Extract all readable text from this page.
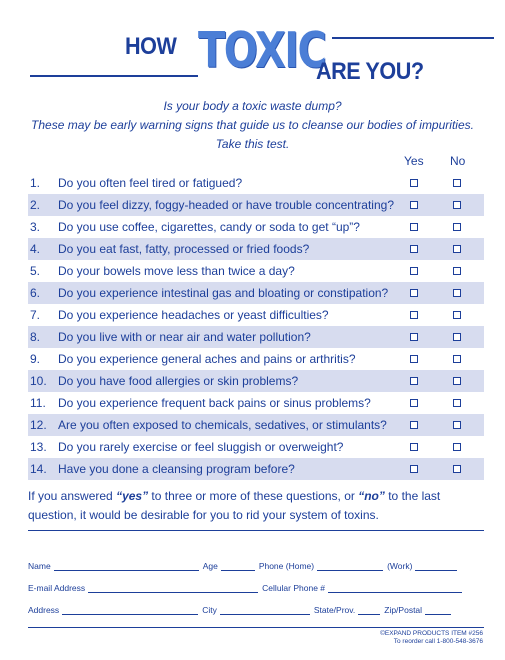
HOW TOXIC
ARE YOU?
Is your body a toxic waste dump?
These may be early warning signs that guide us to cleanse our bodies of impurities.
Take this test.
Yes No
1.	Do you often feel tired or fatigued?
2.	Do you feel dizzy, foggy-headed or have trouble concentrating?
3.	Do you use coffee, cigarettes, candy or soda to get “up”?
4.	Do you eat fast, fatty, processed or fried foods?
5.	Do your bowels move less than twice a day?
6.	Do you experience intestinal gas and bloating or constipation?
7.	Do you experience headaches or yeast difficulties?
8.	Do you live with or near air and water pollution?
9.	Do you experience general aches and pains or arthritis?
10. Do you have food allergies or skin problems?
11.	Do you experience frequent back pains or sinus problems?
12. Are you often exposed to chemicals, sedatives, or stimulants?
13. Do you rarely exercise or feel sluggish or overweight?
14. Have you done a cleansing program before?
If you answered “yes” to three or more of these questions, or “no” to the last question, it would be desirable for you to rid your system of toxins.
Name	Age	Phone (Home)	(Work)
E-mail Address	Cellular Phone #
Address	City	State/Prov.	Zip/Postal
©EXPAND PRODUCTS ITEM #256
To reorder call 1-800-548-3676
